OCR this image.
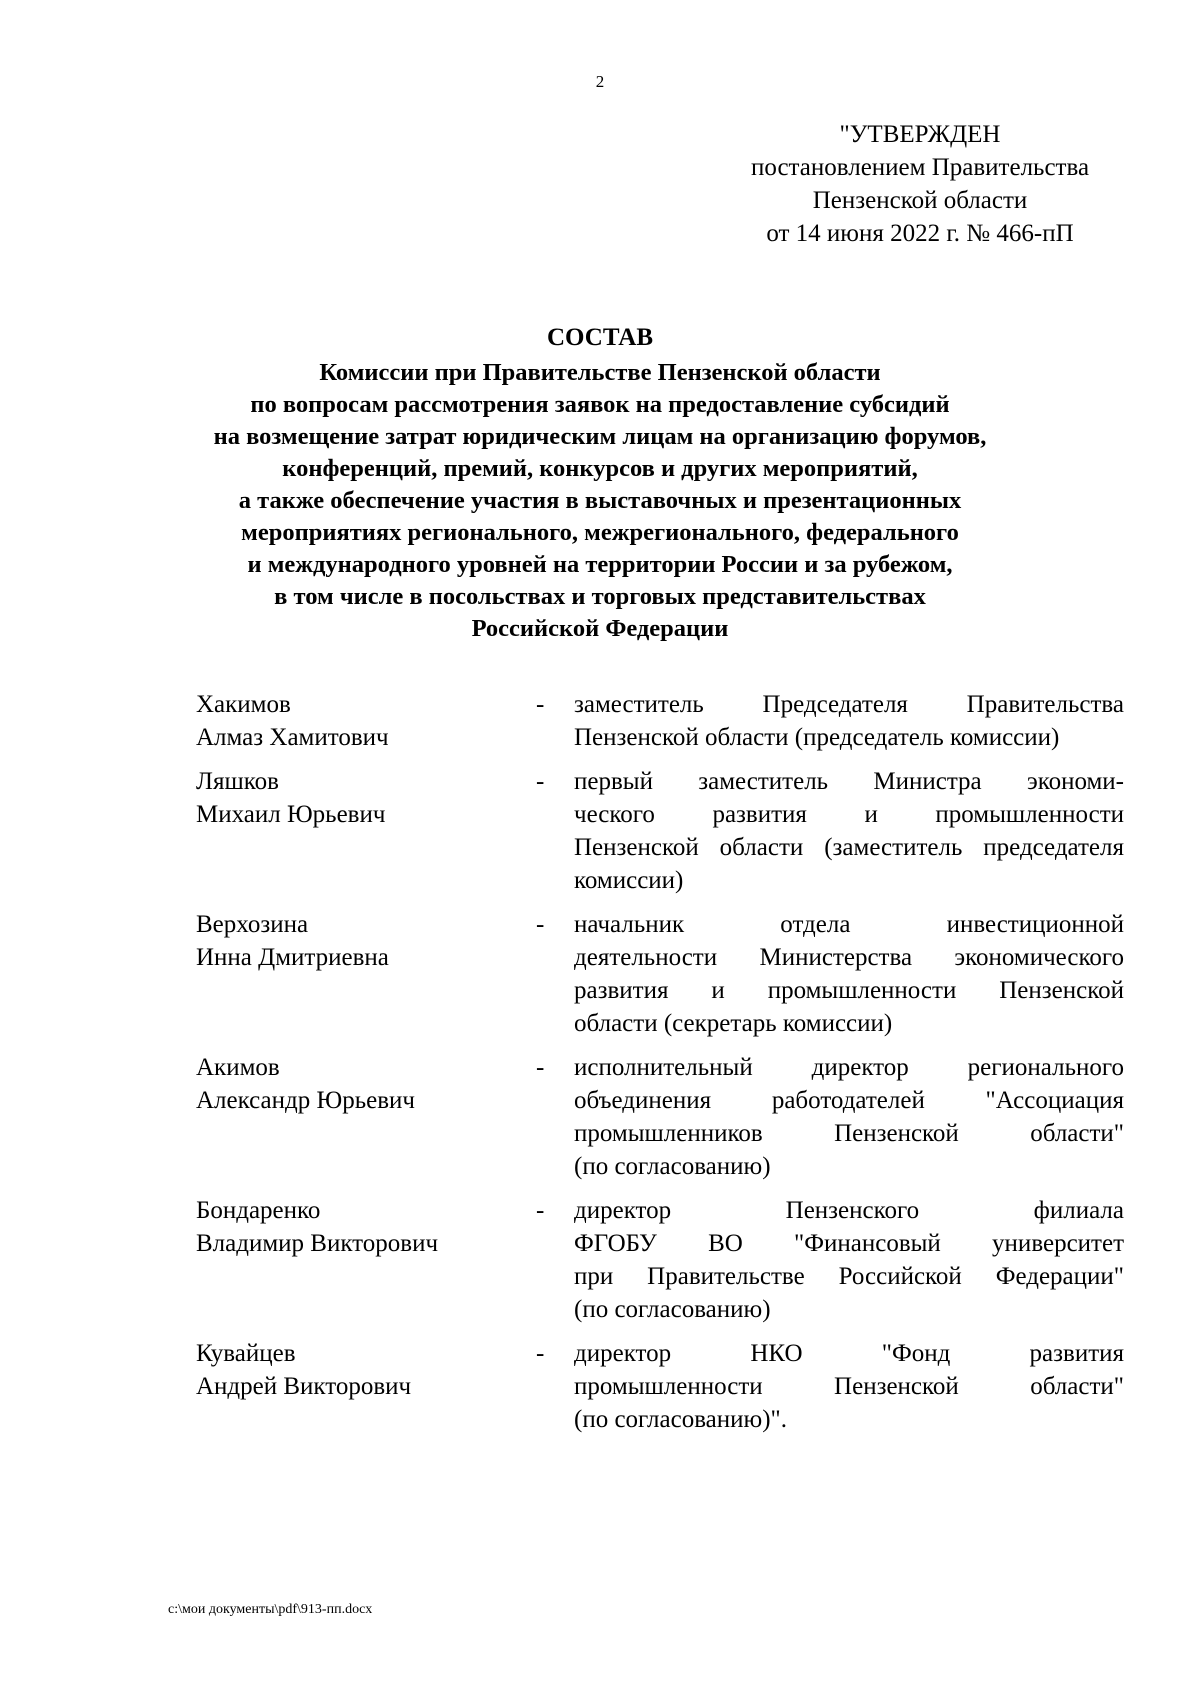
2
"УТВЕРЖДЕН
постановлением Правительства
Пензенской области
от 14 июня 2022 г. № 466-пП
СОСТАВ
Комиссии при Правительстве Пензенской области
по вопросам рассмотрения заявок на предоставление субсидий
на возмещение затрат юридическим лицам на организацию форумов,
конференций, премий, конкурсов и других мероприятий,
а также обеспечение участия в выставочных и презентационных
мероприятиях регионального, межрегионального, федерального
и международного уровней на территории России и за рубежом,
в том числе в посольствах и торговых представительствах
Российской Федерации
Хакимов
Алмаз Хамитович
-	заместитель Председателя Правительства
Пензенской области (председатель комиссии)
Ляшков
Михаил Юрьевич
-	первый заместитель Министра экономи-
ческого развития и промышленности
Пензенской области (заместитель председателя
комиссии)
Верхозина
Инна Дмитриевна
-	начальник отдела инвестиционной
деятельности Министерства экономического
развития и промышленности Пензенской
области (секретарь комиссии)
Акимов
Александр Юрьевич
-	исполнительный директор регионального
объединения работодателей "Ассоциация
промышленников Пензенской области"
(по согласованию)
Бондаренко
Владимир Викторович
-	директор Пензенского филиала
ФГОБУ ВО "Финансовый университет
при Правительстве Российской Федерации"
(по согласованию)
Кувайцев
Андрей Викторович
-	директор НКО "Фонд развития
промышленности Пензенской области"
(по согласованию)".
c:\мои документы\pdf\913-пп.docx
